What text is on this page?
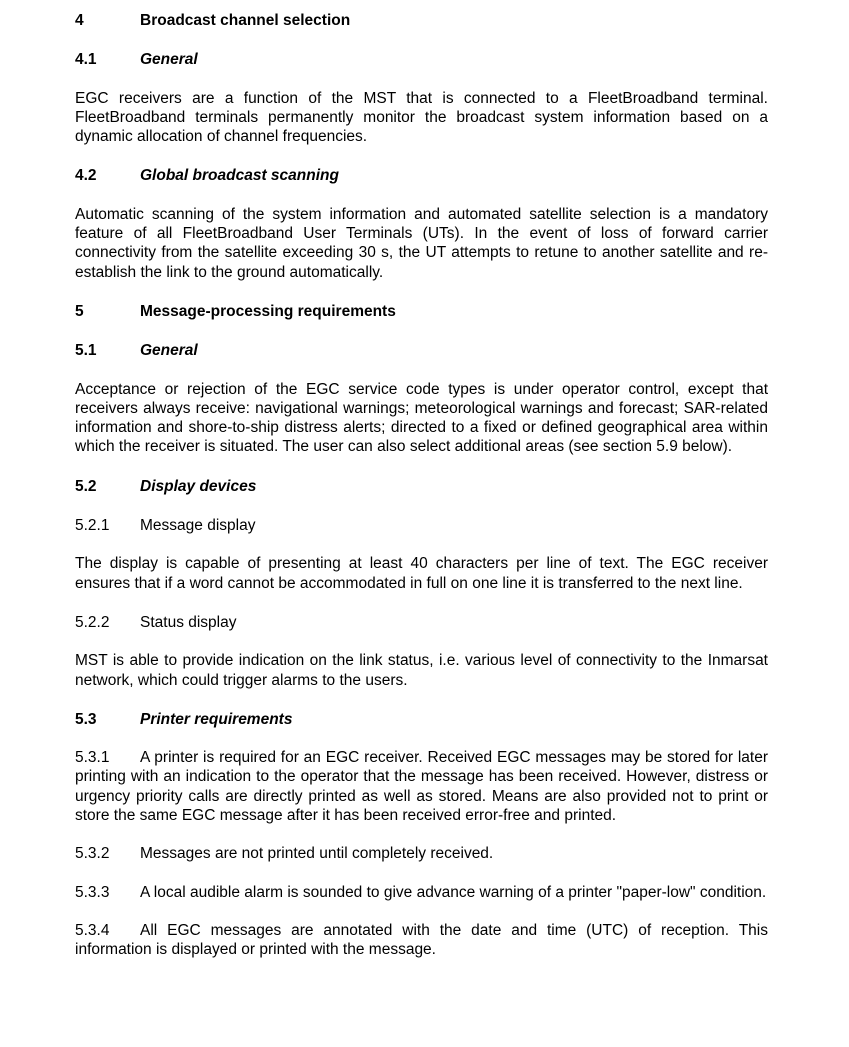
4	Broadcast channel selection
4.1	General

EGC receivers are a function of the MST that is connected to a FleetBroadband terminal. FleetBroadband terminals permanently monitor the broadcast system information based on a dynamic allocation of channel frequencies.

4.2	Global broadcast scanning

Automatic scanning of the system information and automated satellite selection is a mandatory feature of all FleetBroadband User Terminals (UTs). In the event of loss of forward carrier connectivity from the satellite exceeding 30 s, the UT attempts to retune to another satellite and re-establish the link to the ground automatically.

5	Message-processing requirements
5.1	General

Acceptance or rejection of the EGC service code types is under operator control, except that receivers always receive: navigational warnings; meteorological warnings and forecast; SAR-related information and shore-to-ship distress alerts; directed to a fixed or defined geographical area within which the receiver is situated. The user can also select additional areas (see section 5.9 below).

5.2	Display devices
5.2.1	Message display

The display is capable of presenting at least 40 characters per line of text. The EGC receiver ensures that if a word cannot be accommodated in full on one line it is transferred to the next line.

5.2.2	Status display

MST is able to provide indication on the link status, i.e. various level of connectivity to the Inmarsat network, which could trigger alarms to the users.

5.3	Printer requirements

5.3.1 A printer is required for an EGC receiver. Received EGC messages may be stored for later printing with an indication to the operator that the message has been received. However, distress or urgency priority calls are directly printed as well as stored. Means are also provided not to print or store the same EGC message after it has been received error-free and printed.

5.3.2 Messages are not printed until completely received.

5.3.3 A local audible alarm is sounded to give advance warning of a printer "paper-low" condition.

5.3.4 All EGC messages are annotated with the date and time (UTC) of reception. This information is displayed or printed with the message.
